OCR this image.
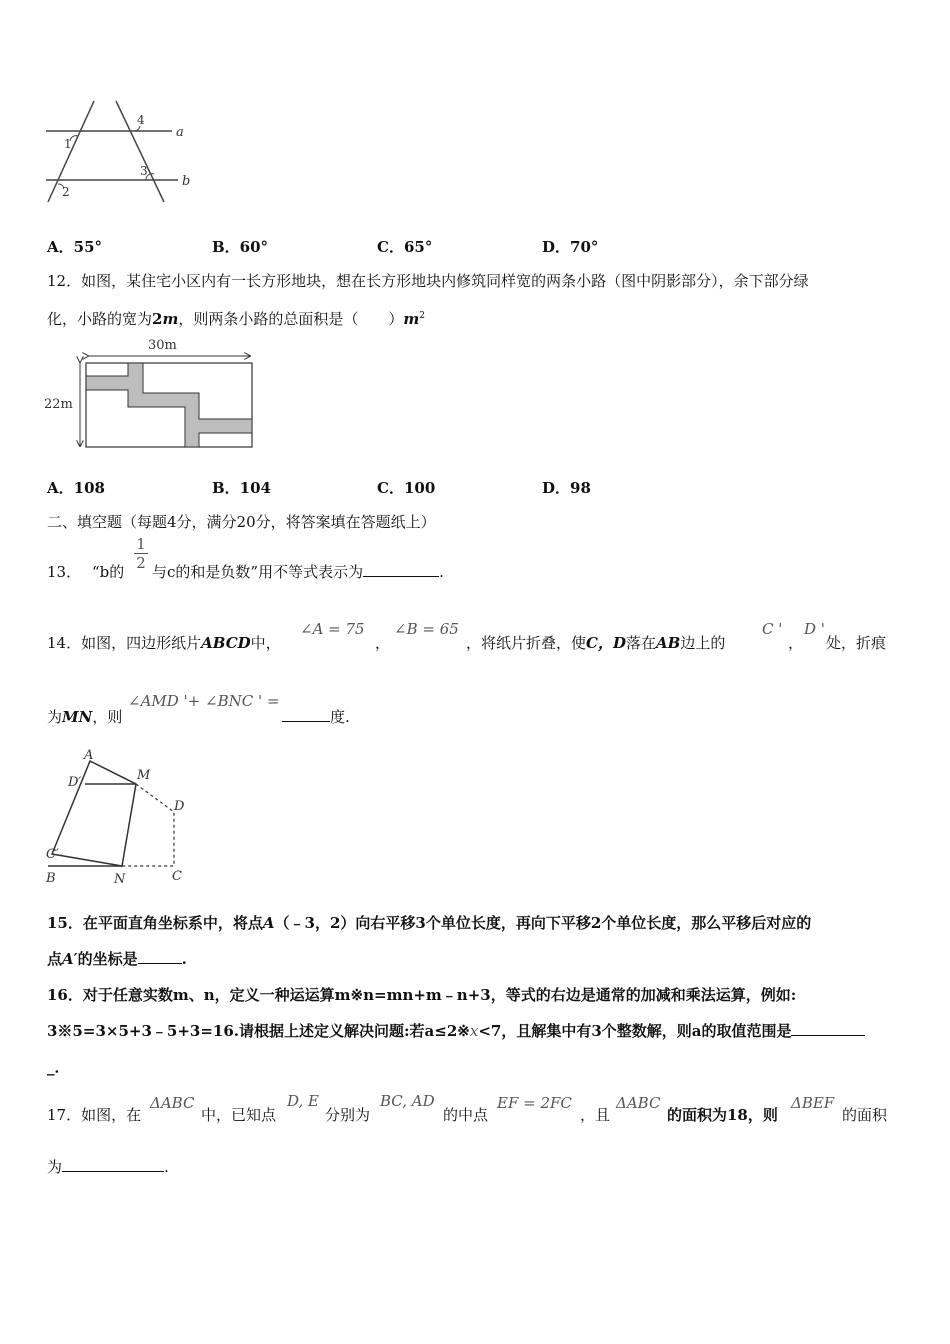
a
b
1
2
3
4
A．55°	B．60°	C．65°	D．70°
12．如图，某住宅小区内有一长方形地块，想在长方形地块内修筑同样宽的两条小路（图中阴影部分），余下部分绿
化，小路的宽为2m，则两条小路的总面积是（　　）$m^2$
30m
22m
A．108	B．104	C．100	D．98
二、填空题（每题4分，满分20分，将答案填在答题纸上）
13． “b的
1
2 与c的和是负数”用不等式表示为	.
14．如图，四边形纸片ABCD中，
∠A = 75
，
∠B = 65
，将纸片折叠，使C，D落在AB边上的
C '
，
D '
处，折痕
为MN，则
∠AMD '+ ∠BNC ' =
度.
A
D′	M
D
C′
B	N	C
15．在平面直角坐标系中，将点A（﹣3，2）向右平移3个单位长度，再向下平移2个单位长度，那么平移后对应的
点A′的坐标是	.
16．对于任意实数m、n，定义一种运运算m※n=mn+m﹣n+3，等式的右边是通常的加减和乘法运算，例如:
3※5=3×5+3﹣5+3=16.请根据上述定义解决问题:若a≤2※x<7，且解集中有3个整数解，则a的取值范围是
_．
17．如图，在
ΔABC
中，已知点
D, E
分别为
BC, AD
的中点
EF = 2FC
，且
ΔABC
的面积为18，则
ΔBEF
的面积
为	.
